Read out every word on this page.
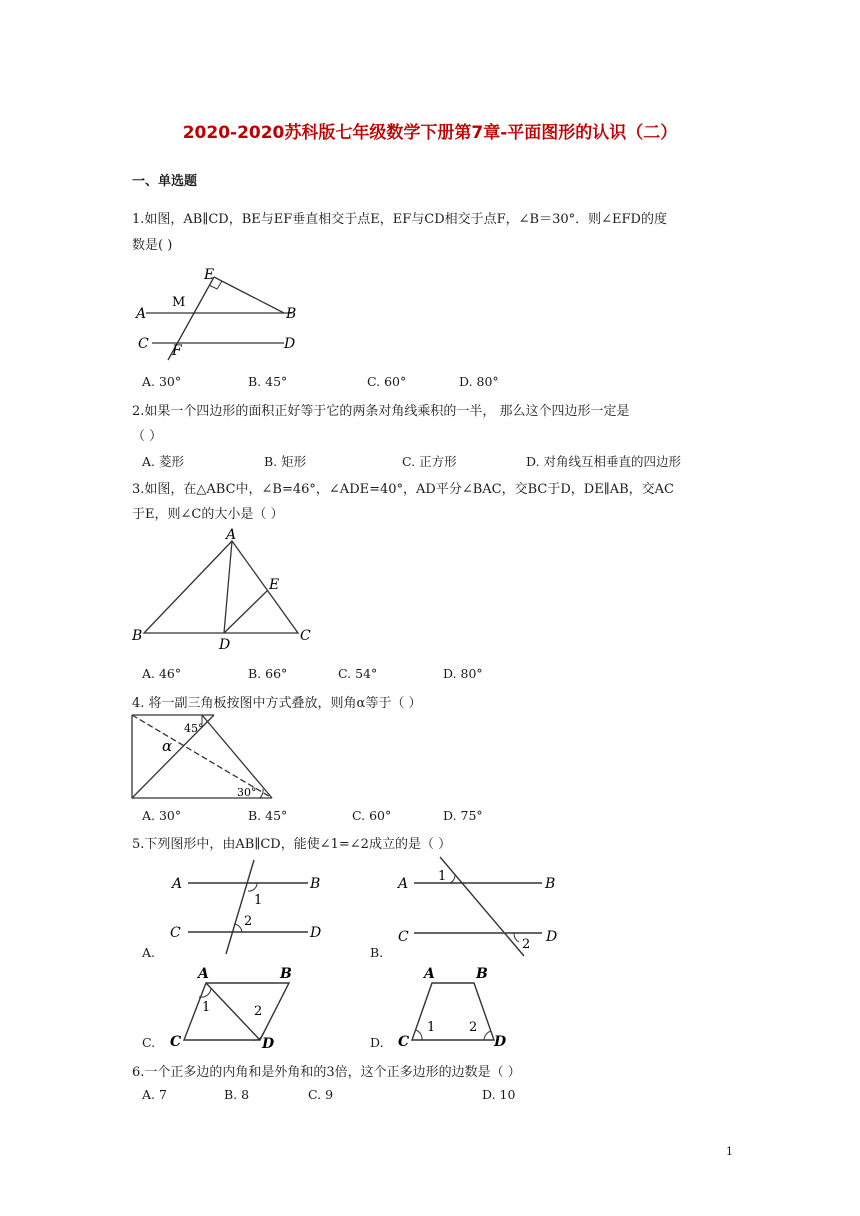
2020-2020苏科版七年级数学下册第7章-平面图形的认识（二）
一、单选题
1.如图，AB∥CD，BE与EF垂直相交于点E，EF与CD相交于点F，∠B＝30°．则∠EFD的度
数是( )
E
M
A	B
C	D
F
A. 30°	B. 45°	C. 60°	D. 80°
2.如果一个四边形的面积正好等于它的两条对角线乘积的一半， 那么这个四边形一定是
（ ）
A. 菱形	B. 矩形	C. 正方形	D. 对角线互相垂直的四边形
3.如图，在△ABC中，∠B=46°，∠ADE=40°，AD平分∠BAC，交BC于D，DE∥AB，交AC
于E，则∠C的大小是（ ）
A
B	C
D
E
A. 46°	B. 66°	C. 54°	D. 80°
4. 将一副三角板按图中方式叠放，则角α等于（ ）
45°
α
30°
A. 30°	B. 45°	C. 60°	D. 75°
5.下列图形中，由AB∥CD，能使∠1=∠2成立的是（ ）
A	B
C	D
1
2
A.
A	B
C	D
1
2
B.
A	B
C	D
1	2
C.
A	B
C	D
1	2
D.
6.一个正多边的内角和是外角和的3倍，这个正多边形的边数是（ ）
A. 7	B. 8	C. 9	D. 10
1
